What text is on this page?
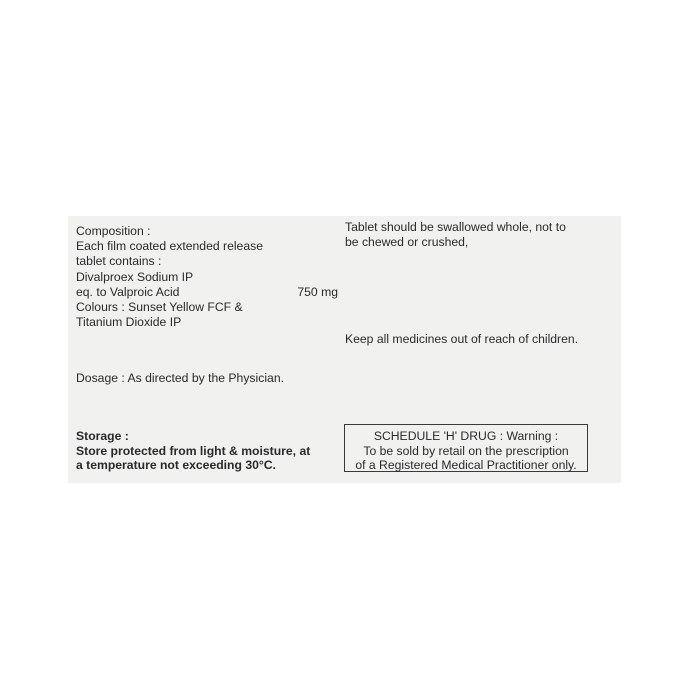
Composition :
Each film coated extended release
tablet contains :
Divalproex Sodium IP
eq. to Valproic Acid	750 mg
Colours : Sunset Yellow FCF &
Titanium Dioxide IP
Dosage : As directed by the Physician.
Storage :
Store protected from light & moisture, at
a temperature not exceeding 30°C.
Tablet should be swallowed whole, not to
be chewed or crushed,
Keep all medicines out of reach of children.
SCHEDULE 'H' DRUG : Warning :
To be sold by retail on the prescription
of a Registered Medical Practitioner only.
